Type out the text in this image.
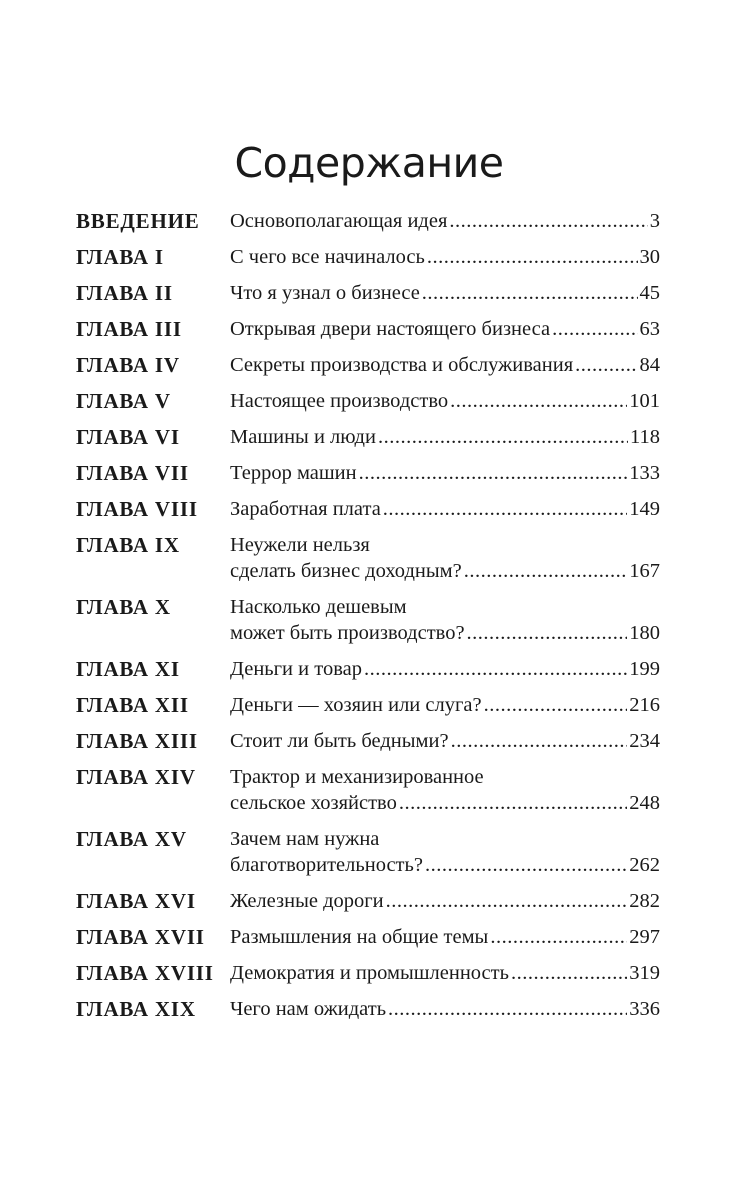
Содержание
ВВЕДЕНИЕ	Основополагающая идея .....	3
ГЛАВА I	С чего все начиналось .....	30
ГЛАВА II	Что я узнал о бизнесе .....	45
ГЛАВА III	Открывая двери настоящего бизнеса .....	63
ГЛАВА IV	Секреты производства и обслуживания .....	84
ГЛАВА V	Настоящее производство .....	101
ГЛАВА VI	Машины и люди .....	118
ГЛАВА VII	Террор машин .....	133
ГЛАВА VIII	Заработная плата .....	149
ГЛАВА IX	Неужели нельзя
сделать бизнес доходным? .....	167
ГЛАВА X	Насколько дешевым
может быть производство? .....	180
ГЛАВА XI	Деньги и товар .....	199
ГЛАВА XII	Деньги — хозяин или слуга? .....	216
ГЛАВА XIII	Стоит ли быть бедными? .....	234
ГЛАВА XIV	Трактор и механизированное
сельское хозяйство .....	248
ГЛАВА XV	Зачем нам нужна
благотворительность? .....	262
ГЛАВА XVI	Железные дороги .....	282
ГЛАВА XVII	Размышления на общие темы .....	297
ГЛАВА XVIII Демократия и промышленность .....	319
ГЛАВА XIX	Чего нам ожидать .....	336
